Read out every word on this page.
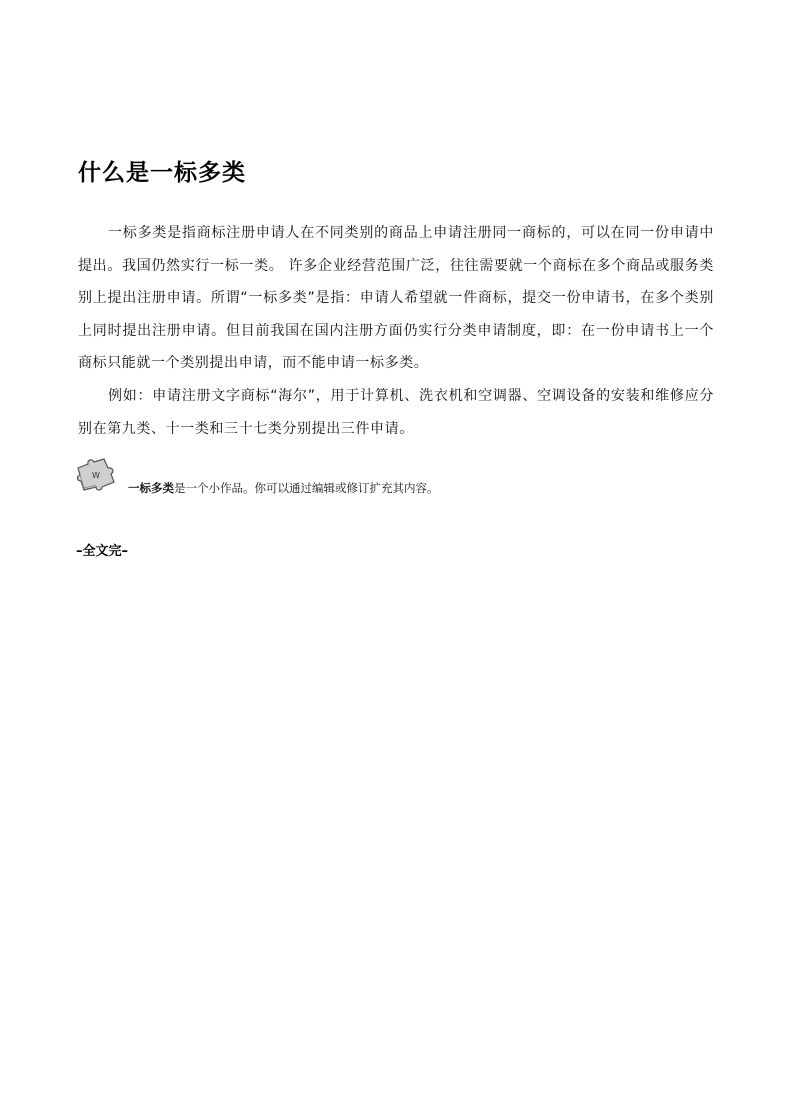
什么是一标多类

一标多类是指商标注册申请人在不同类别的商品上申请注册同一商标的，可以在同一份申请中提出。我国仍然实行一标一类。 许多企业经营范围广泛，往往需要就一个商标在多个商品或服务类别上提出注册申请。所谓“一标多类”是指：申请人希望就一件商标，提交一份申请书，在多个类别上同时提出注册申请。但目前我国在国内注册方面仍实行分类申请制度，即：在一份申请书上一个商标只能就一个类别提出申请，而不能申请一标多类。

例如：申请注册文字商标“海尔”，用于计算机、洗衣机和空调器、空调设备的安装和维修应分别在第九类、十一类和三十七类分别提出三件申请。

W
一标多类是一个小作品。你可以通过编辑或修订扩充其内容。
–全文完–
